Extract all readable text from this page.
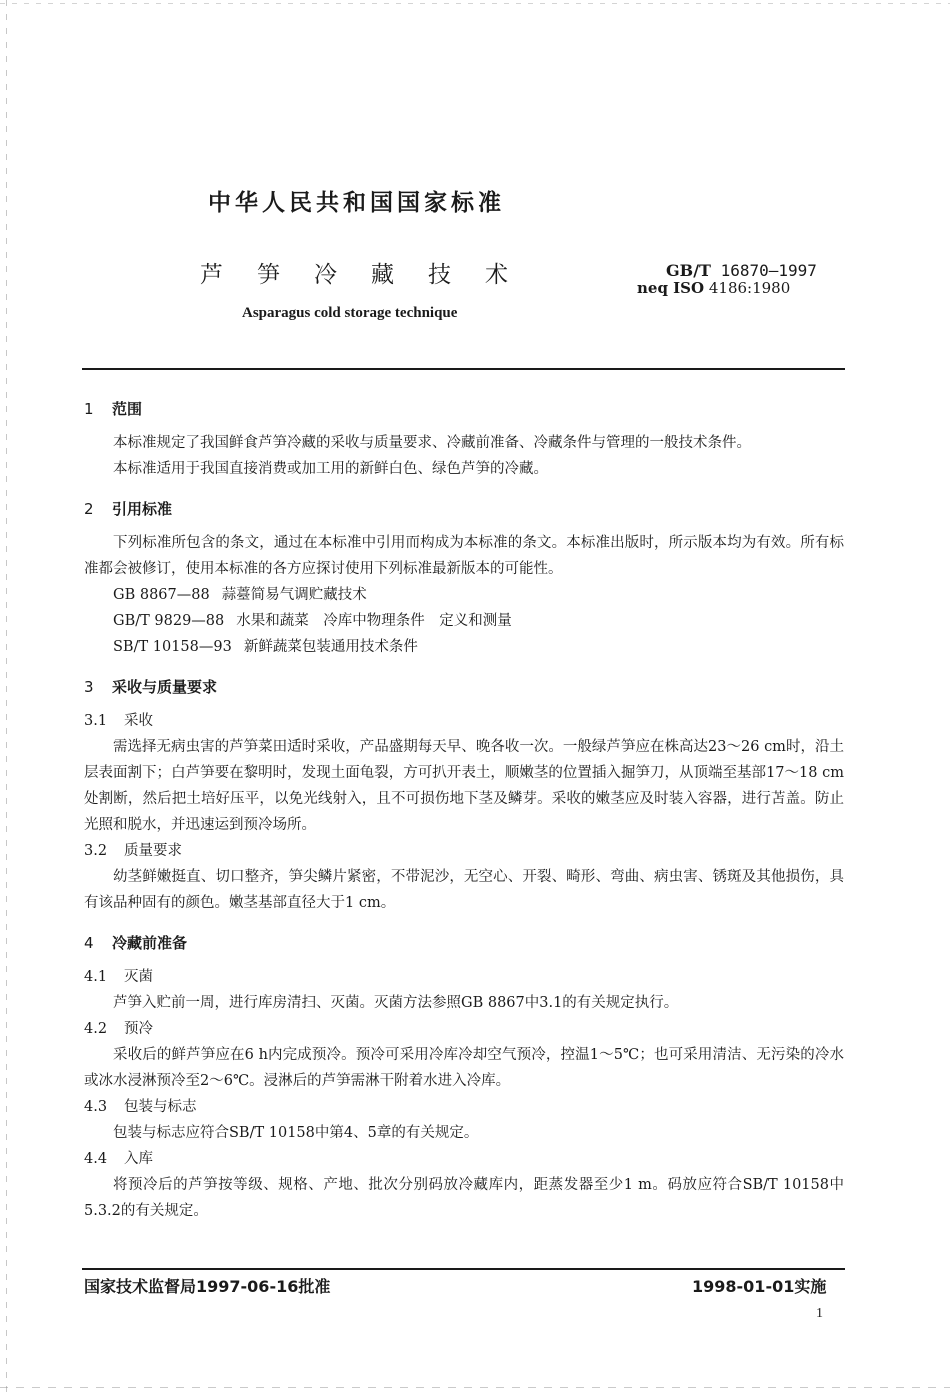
中华人民共和国国家标准
芦笋冷藏技术	GB/T 16870—1997
neq ISO 4186:1980
Asparagus cold storage technique
1 范围

本标准规定了我国鲜食芦笋冷藏的采收与质量要求、冷藏前准备、冷藏条件与管理的一般技术条件。

本标准适用于我国直接消费或加工用的新鲜白色、绿色芦笋的冷藏。

2 引用标准

下列标准所包含的条文，通过在本标准中引用而构成为本标准的条文。本标准出版时，所示版本均为有效。所有标准都会被修订，使用本标准的各方应探讨使用下列标准最新版本的可能性。

GB 8867—88 蒜薹简易气调贮藏技术

GB/T 9829—88 水果和蔬菜　冷库中物理条件　定义和测量

SB/T 10158—93 新鲜蔬菜包装通用技术条件

3 采收与质量要求
3.1 采收

需选择无病虫害的芦笋菜田适时采收，产品盛期每天早、晚各收一次。一般绿芦笋应在株高达23～26 cm时，沿土层表面割下；白芦笋要在黎明时，发现土面龟裂，方可扒开表土，顺嫩茎的位置插入掘笋刀，从顶端至基部17～18 cm处割断，然后把土培好压平，以免光线射入，且不可损伤地下茎及鳞芽。采收的嫩茎应及时装入容器，进行苫盖。防止光照和脱水，并迅速运到预冷场所。

3.2 质量要求

幼茎鲜嫩挺直、切口整齐，笋尖鳞片紧密，不带泥沙，无空心、开裂、畸形、弯曲、病虫害、锈斑及其他损伤，具有该品种固有的颜色。嫩茎基部直径大于1 cm。

4 冷藏前准备
4.1 灭菌

芦笋入贮前一周，进行库房清扫、灭菌。灭菌方法参照GB 8867中3.1的有关规定执行。

4.2 预冷

采收后的鲜芦笋应在6 h内完成预冷。预冷可采用冷库冷却空气预冷，控温1～5℃；也可采用清洁、无污染的冷水或冰水浸淋预冷至2～6℃。浸淋后的芦笋需淋干附着水进入冷库。

4.3 包装与标志

包装与标志应符合SB/T 10158中第4、5章的有关规定。

4.4 入库

将预冷后的芦笋按等级、规格、产地、批次分别码放冷藏库内，距蒸发器至少1 m。码放应符合SB/T 10158中5.3.2的有关规定。

国家技术监督局1997-06-16批准	1998-01-01实施
1
